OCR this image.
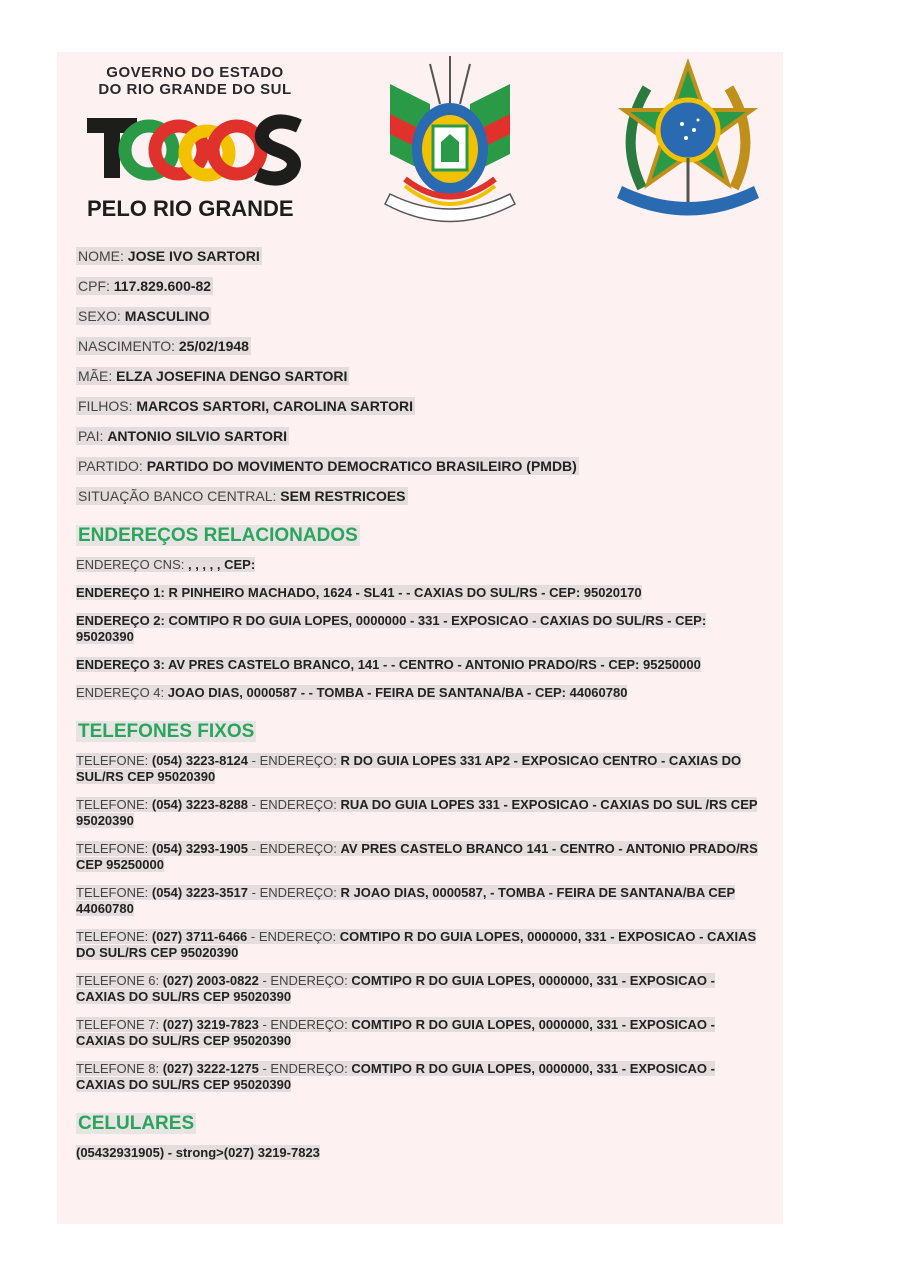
GOVERNO DO ESTADO
DO RIO GRANDE DO SUL
PELO RIO GRANDE
NOME: JOSE IVO SARTORI
CPF: 117.829.600-82
SEXO: MASCULINO
NASCIMENTO: 25/02/1948
MÃE: ELZA JOSEFINA DENGO SARTORI
FILHOS: MARCOS SARTORI, CAROLINA SARTORI
PAI: ANTONIO SILVIO SARTORI
PARTIDO: PARTIDO DO MOVIMENTO DEMOCRATICO BRASILEIRO (PMDB)
SITUAÇÃO BANCO CENTRAL: SEM RESTRICOES
ENDEREÇOS RELACIONADOS
ENDEREÇO CNS: , , , , , CEP:
ENDEREÇO 1: R PINHEIRO MACHADO, 1624 - SL41 - - CAXIAS DO SUL/RS - CEP: 95020170
ENDEREÇO 2: COMTIPO R DO GUIA LOPES, 0000000 - 331 - EXPOSICAO - CAXIAS DO SUL/RS - CEP: 95020390
ENDEREÇO 3: AV PRES CASTELO BRANCO, 141 - - CENTRO - ANTONIO PRADO/RS - CEP: 95250000
ENDEREÇO 4: JOAO DIAS, 0000587 - - TOMBA - FEIRA DE SANTANA/BA - CEP: 44060780
TELEFONES FIXOS
TELEFONE: (054) 3223-8124 - ENDEREÇO: R DO GUIA LOPES 331 AP2 - EXPOSICAO CENTRO - CAXIAS DO SUL/RS CEP 95020390
TELEFONE: (054) 3223-8288 - ENDEREÇO: RUA DO GUIA LOPES 331 - EXPOSICAO - CAXIAS DO SUL /RS CEP 95020390
TELEFONE: (054) 3293-1905 - ENDEREÇO: AV PRES CASTELO BRANCO 141 - CENTRO - ANTONIO PRADO/RS CEP 95250000
TELEFONE: (054) 3223-3517 - ENDEREÇO: R JOAO DIAS, 0000587, - TOMBA - FEIRA DE SANTANA/BA CEP 44060780
TELEFONE: (027) 3711-6466 - ENDEREÇO: COMTIPO R DO GUIA LOPES, 0000000, 331 - EXPOSICAO - CAXIAS DO SUL/RS CEP 95020390
TELEFONE 6: (027) 2003-0822 - ENDEREÇO: COMTIPO R DO GUIA LOPES, 0000000, 331 - EXPOSICAO - CAXIAS DO SUL/RS CEP 95020390
TELEFONE 7: (027) 3219-7823 - ENDEREÇO: COMTIPO R DO GUIA LOPES, 0000000, 331 - EXPOSICAO - CAXIAS DO SUL/RS CEP 95020390
TELEFONE 8: (027) 3222-1275 - ENDEREÇO: COMTIPO R DO GUIA LOPES, 0000000, 331 - EXPOSICAO - CAXIAS DO SUL/RS CEP 95020390
CELULARES
(05432931905) - strong>(027) 3219-7823
